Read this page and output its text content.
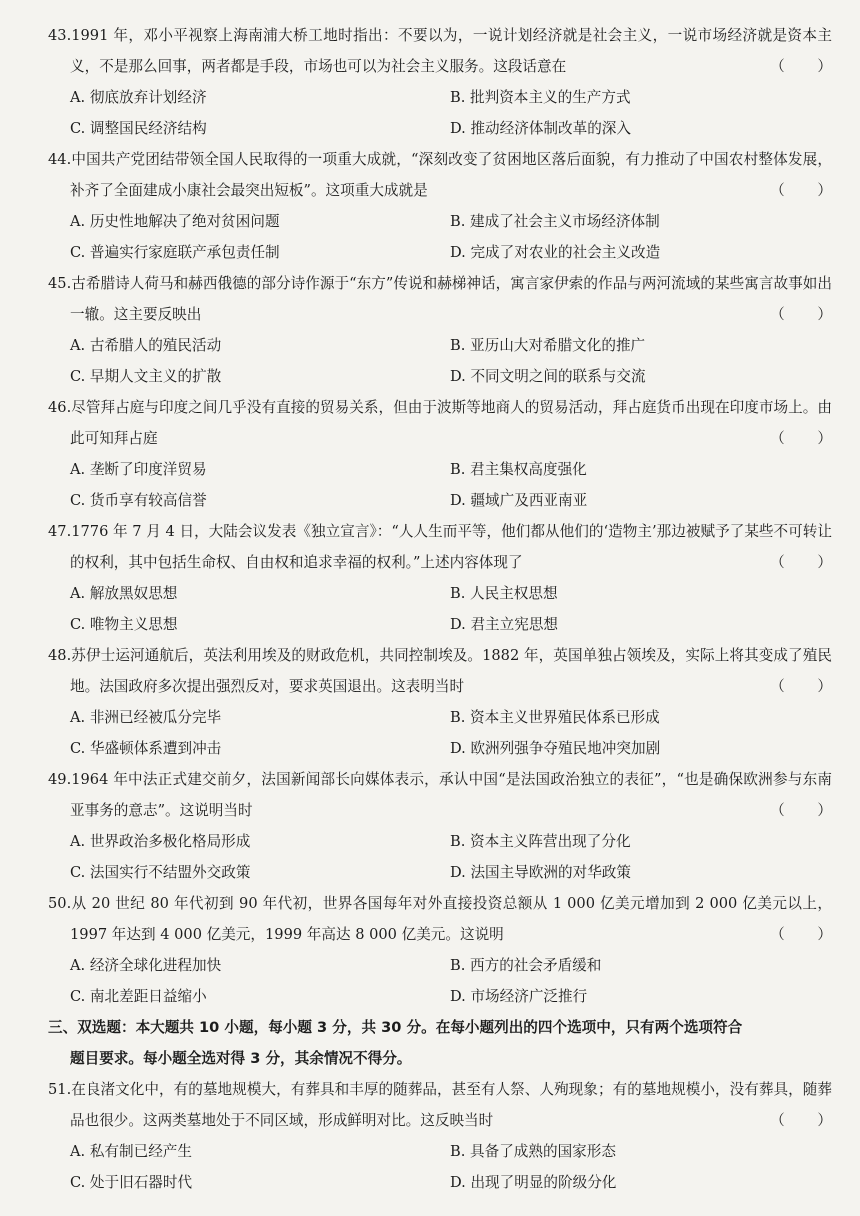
43.1991 年，邓小平视察上海南浦大桥工地时指出：不要以为，一说计划经济就是社会主义，一说市场经济就是资本主义，不是那么回事，两者都是手段，市场也可以为社会主义服务。这段话意在	（ ）
A. 彻底放弃计划经济	B. 批判资本主义的生产方式
C. 调整国民经济结构	D. 推动经济体制改革的深入
44.中国共产党团结带领全国人民取得的一项重大成就，“深刻改变了贫困地区落后面貌，有力推动了中国农村整体发展，补齐了全面建成小康社会最突出短板”。这项重大成就是	（ ）
A. 历史性地解决了绝对贫困问题	B. 建成了社会主义市场经济体制
C. 普遍实行家庭联产承包责任制	D. 完成了对农业的社会主义改造
45.古希腊诗人荷马和赫西俄德的部分诗作源于“东方”传说和赫梯神话，寓言家伊索的作品与两河流域的某些寓言故事如出一辙。这主要反映出	（ ）
A. 古希腊人的殖民活动	B. 亚历山大对希腊文化的推广
C. 早期人文主义的扩散	D. 不同文明之间的联系与交流
46.尽管拜占庭与印度之间几乎没有直接的贸易关系，但由于波斯等地商人的贸易活动，拜占庭货币出现在印度市场上。由此可知拜占庭	（ ）
A. 垄断了印度洋贸易	B. 君主集权高度强化
C. 货币享有较高信誉	D. 疆域广及西亚南亚
47.1776 年 7 月 4 日，大陆会议发表《独立宣言》：“人人生而平等，他们都从他们的‘造物主’那边被赋予了某些不可转让的权利，其中包括生命权、自由权和追求幸福的权利。”上述内容体现了	（ ）
A. 解放黑奴思想	B. 人民主权思想
C. 唯物主义思想	D. 君主立宪思想
48.苏伊士运河通航后，英法利用埃及的财政危机，共同控制埃及。1882 年，英国单独占领埃及，实际上将其变成了殖民地。法国政府多次提出强烈反对，要求英国退出。这表明当时	（ ）
A. 非洲已经被瓜分完毕	B. 资本主义世界殖民体系已形成
C. 华盛顿体系遭到冲击	D. 欧洲列强争夺殖民地冲突加剧
49.1964 年中法正式建交前夕，法国新闻部长向媒体表示，承认中国“是法国政治独立的表征”，“也是确保欧洲参与东南亚事务的意志”。这说明当时	（ ）
A. 世界政治多极化格局形成	B. 资本主义阵营出现了分化
C. 法国实行不结盟外交政策	D. 法国主导欧洲的对华政策
50.从 20 世纪 80 年代初到 90 年代初，世界各国每年对外直接投资总额从 1 000 亿美元增加到 2 000 亿美元以上，1997 年达到 4 000 亿美元，1999 年高达 8 000 亿美元。这说明	（ ）
A. 经济全球化进程加快	B. 西方的社会矛盾缓和
C. 南北差距日益缩小	D. 市场经济广泛推行
三、双选题：本大题共 10 小题，每小题 3 分，共 30 分。在每小题列出的四个选项中，只有两个选项符合
题目要求。每小题全选对得 3 分，其余情况不得分。
51.在良渚文化中，有的墓地规模大，有葬具和丰厚的随葬品，甚至有人祭、人殉现象；有的墓地规模小，没有葬具，随葬品也很少。这两类墓地处于不同区域，形成鲜明对比。这反映当时	（ ）
A. 私有制已经产生	B. 具备了成熟的国家形态
C. 处于旧石器时代	D. 出现了明显的阶级分化
